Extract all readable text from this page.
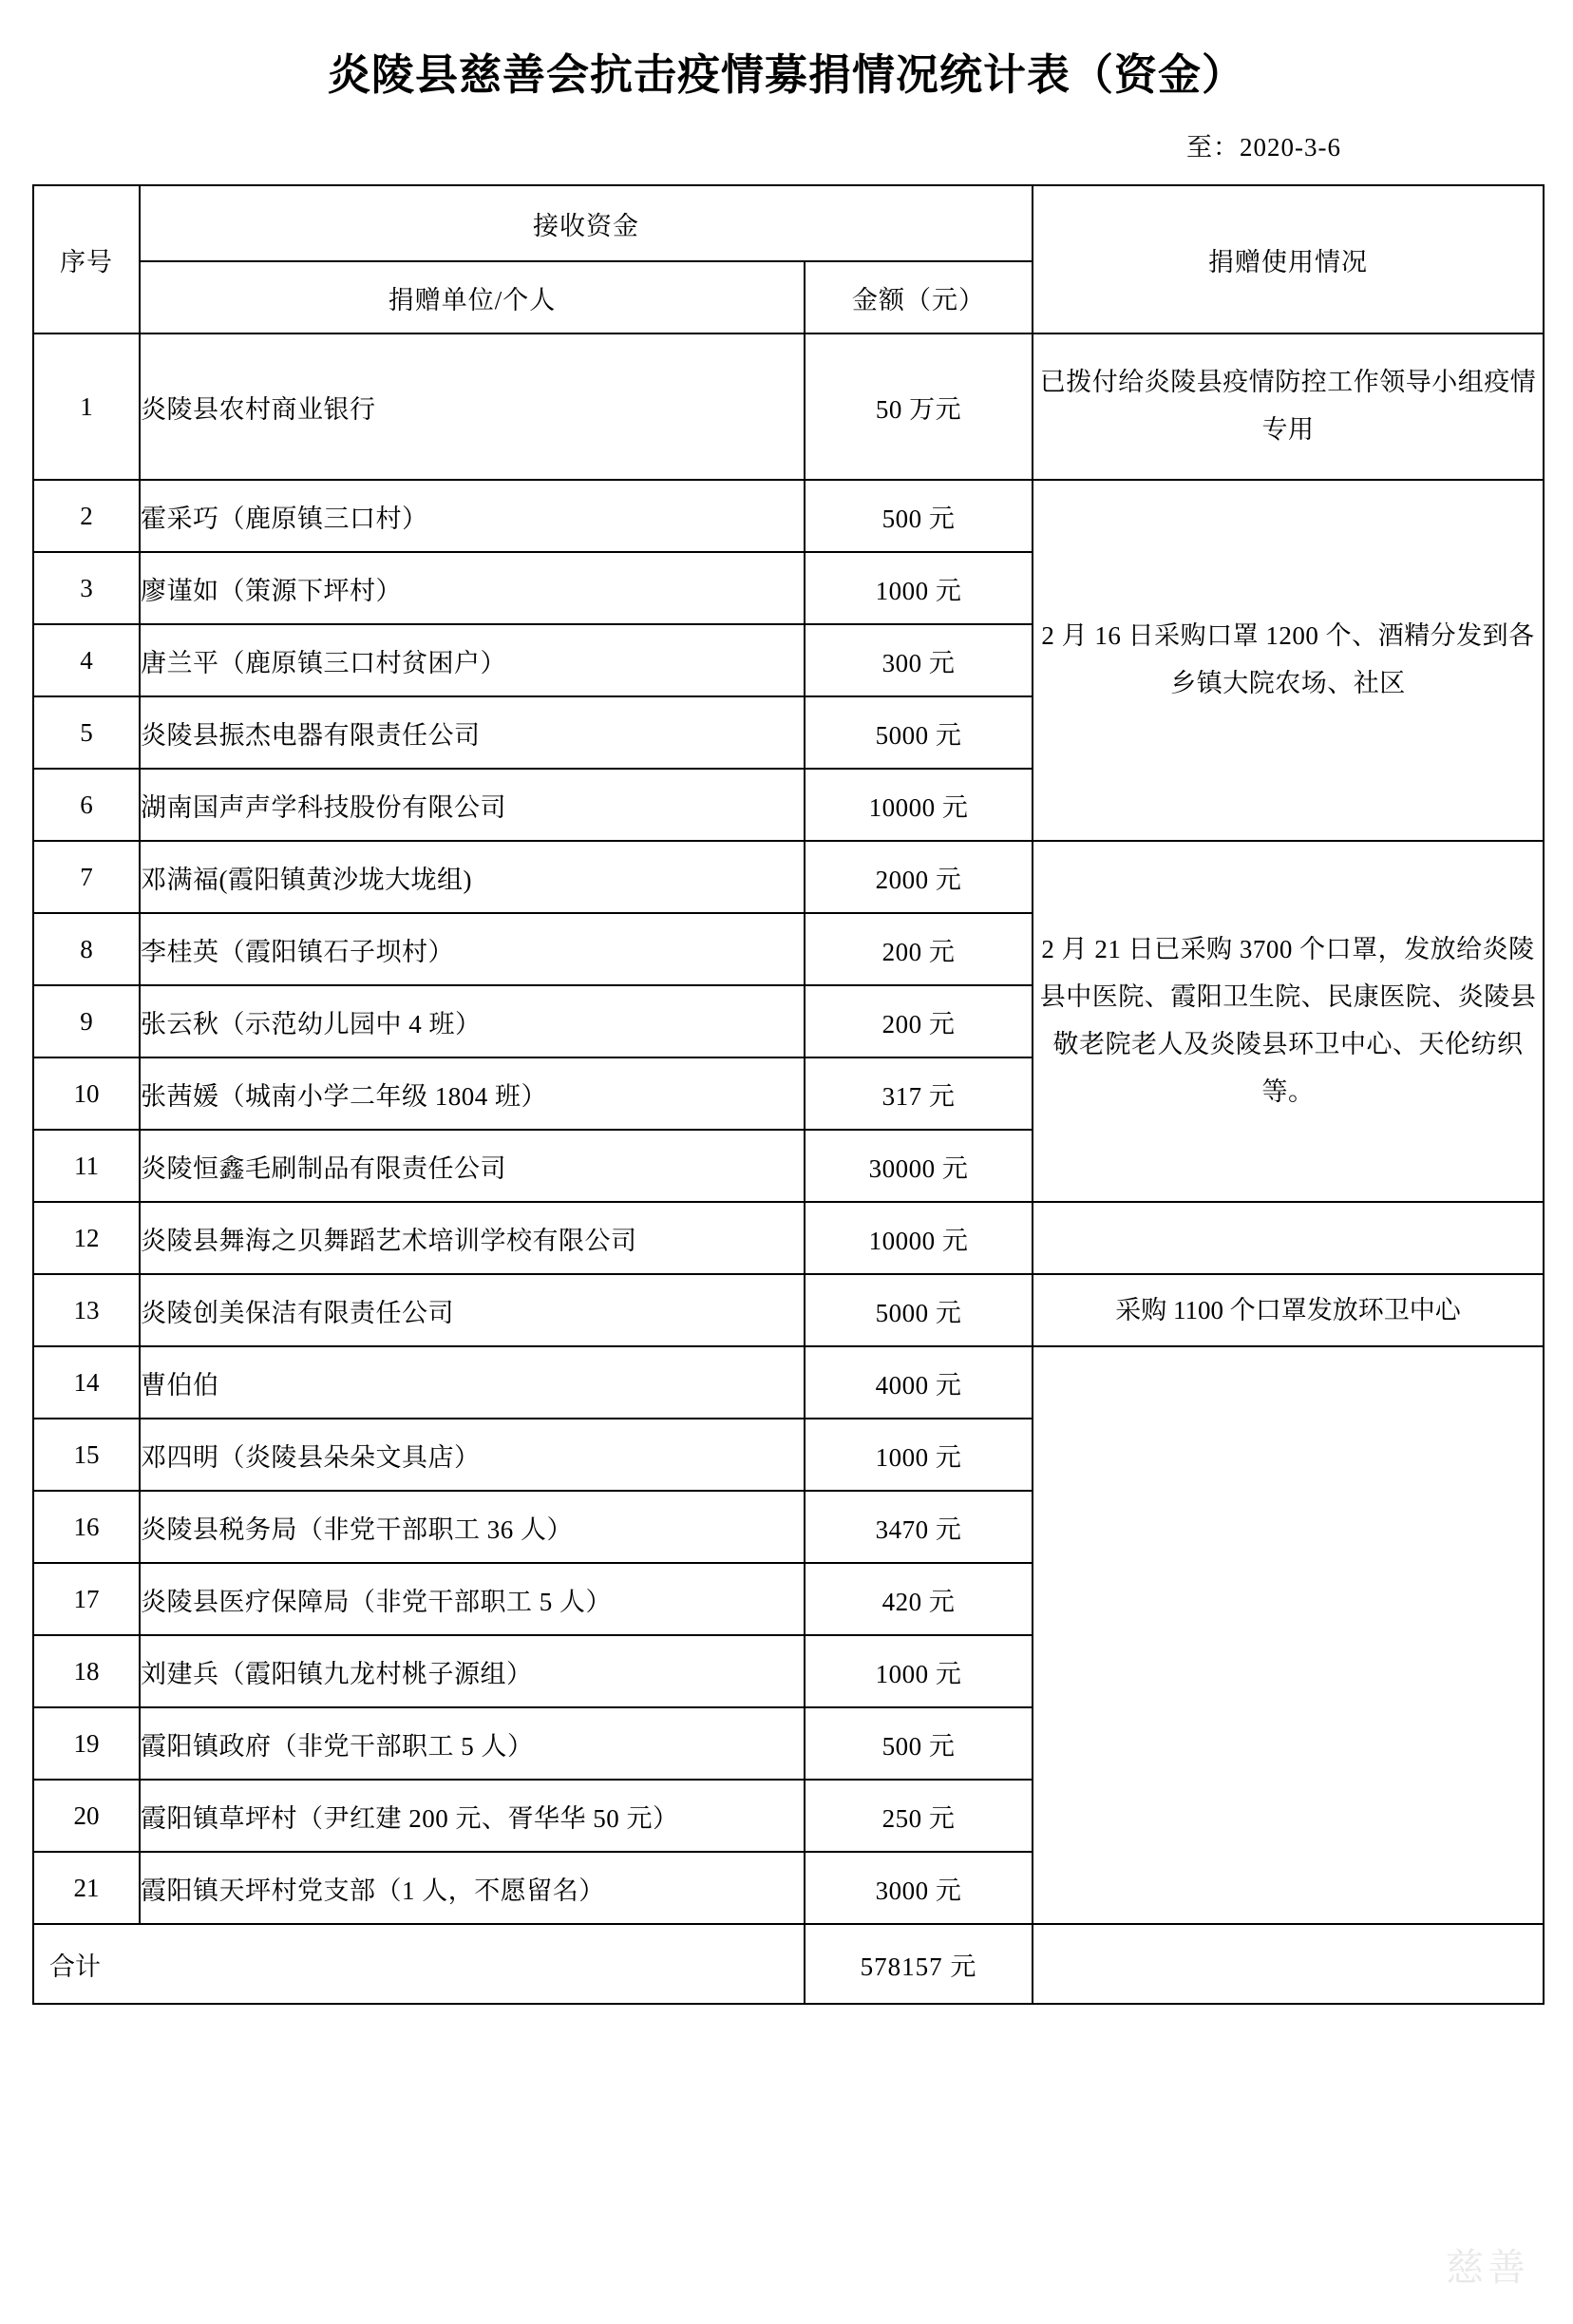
炎陵县慈善会抗击疫情募捐情况统计表（资金）
至：2020-3-6
序号	接收资金		捐赠使用情况
	捐赠单位/个人	金额（元）	
1	炎陵县农村商业银行	50 万元	已拨付给炎陵县疫情防控工作领导小组疫情专用
2	霍采巧（鹿原镇三口村）	500 元	2 月 16 日采购口罩 1200 个、酒精分发到各乡镇大院农场、社区
3	廖谨如（策源下坪村）	1000 元	
4	唐兰平（鹿原镇三口村贫困户）	300 元	
5	炎陵县振杰电器有限责任公司	5000 元	
6	湖南国声声学科技股份有限公司	10000 元	
7	邓满福(霞阳镇黄沙垅大垅组)	2000 元	2 月 21 日已采购 3700 个口罩，发放给炎陵县中医院、霞阳卫生院、民康医院、炎陵县敬老院老人及炎陵县环卫中心、天伦纺织等。
8	李桂英（霞阳镇石子坝村）	200 元	
9	张云秋（示范幼儿园中 4 班）	200 元	
10	张茜媛（城南小学二年级 1804 班）	317 元	
11	炎陵恒鑫毛刷制品有限责任公司	30000 元	
12	炎陵县舞海之贝舞蹈艺术培训学校有限公司	10000 元	
13	炎陵创美保洁有限责任公司	5000 元	采购 1100 个口罩发放环卫中心
14	曹伯伯	4000 元	
15	邓四明（炎陵县朵朵文具店）	1000 元	
16	炎陵县税务局（非党干部职工 36 人）	3470 元	
17	炎陵县医疗保障局（非党干部职工 5 人）	420 元	
18	刘建兵（霞阳镇九龙村桃子源组）	1000 元	
19	霞阳镇政府（非党干部职工 5 人）	500 元	
20	霞阳镇草坪村（尹红建 200 元、胥华华 50 元）	250 元	
21	霞阳镇天坪村党支部（1 人，不愿留名）	3000 元	
合计		578157 元	
慈善
